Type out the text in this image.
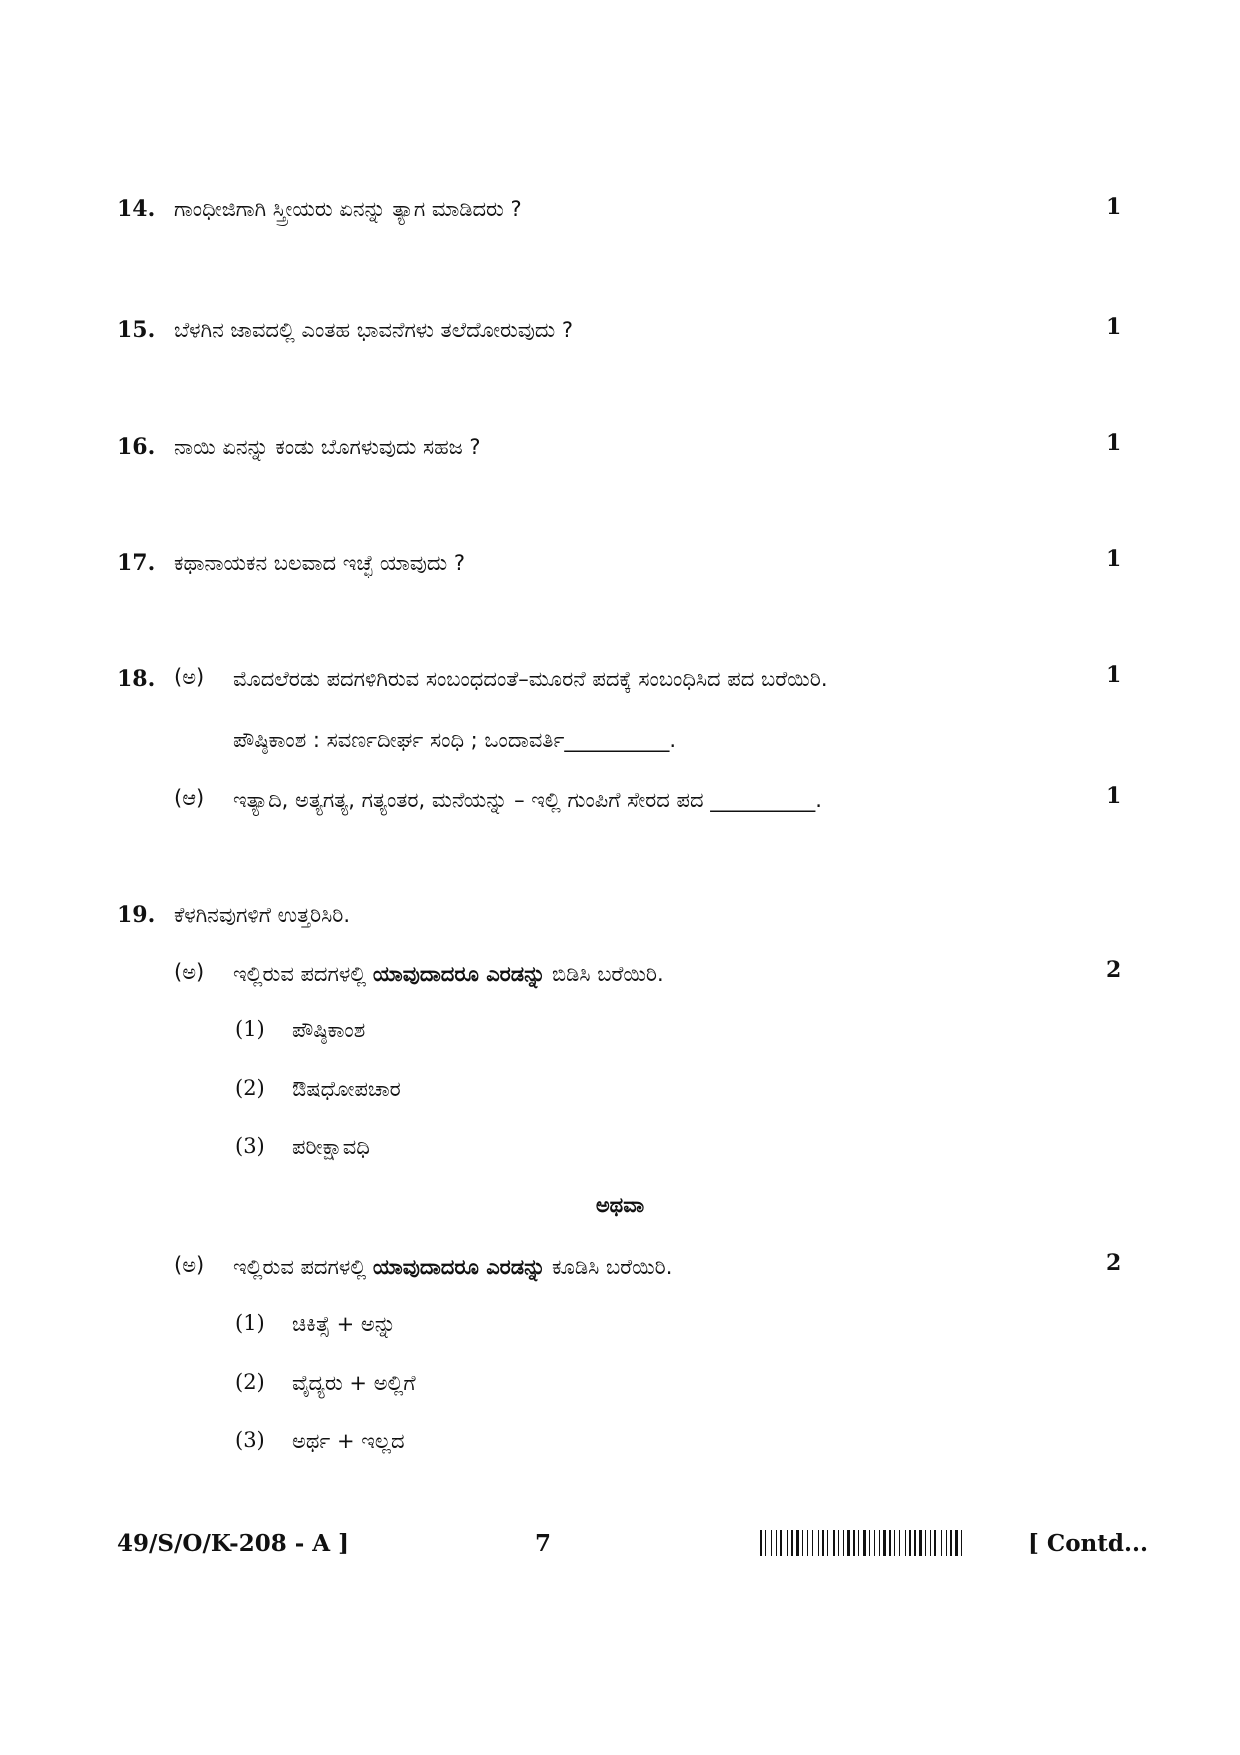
14. ಗಾಂಧೀಜಿಗಾಗಿ ಸ್ತ್ರೀಯರು ಏನನ್ನು ತ್ಯಾಗ ಮಾಡಿದರು ?	1
15. ಬೆಳಗಿನ ಜಾವದಲ್ಲಿ ಎಂತಹ ಭಾವನೆಗಳು ತಲೆದೋರುವುದು ?	1
16. ನಾಯಿ ಏನನ್ನು ಕಂಡು ಬೊಗಳುವುದು ಸಹಜ ?	1
17. ಕಥಾನಾಯಕನ ಬಲವಾದ ಇಚ್ಛೆ ಯಾವುದು ?	1
18. (ಅ) ಮೊದಲೆರಡು ಪದಗಳಿಗಿರುವ ಸಂಬಂಧದಂತೆ–ಮೂರನೆ ಪದಕ್ಕೆ ಸಂಬಂಧಿಸಿದ ಪದ ಬರೆಯಿರಿ.	1
ಪೌಷ್ಠಿಕಾಂಶ : ಸವರ್ಣದೀರ್ಘ ಸಂಧಿ ; ಒಂದಾವರ್ತಿ__________.
(ಆ) ಇತ್ಯಾದಿ, ಅತ್ಯಗತ್ಯ, ಗತ್ಯಂತರ, ಮನೆಯನ್ನು – ಇಲ್ಲಿ ಗುಂಪಿಗೆ ಸೇರದ ಪದ __________.	1
19. ಕೆಳಗಿನವುಗಳಿಗೆ ಉತ್ತರಿಸಿರಿ.
(ಅ) ಇಲ್ಲಿರುವ ಪದಗಳಲ್ಲಿ ಯಾವುದಾದರೂ ಎರಡನ್ನು ಬಿಡಿಸಿ ಬರೆಯಿರಿ.	2
(1) ಪೌಷ್ಠಿಕಾಂಶ
(2) ಔಷಧೋಪಚಾರ
(3) ಪರೀಕ್ಷಾವಧಿ
ಅಥವಾ
(ಅ) ಇಲ್ಲಿರುವ ಪದಗಳಲ್ಲಿ ಯಾವುದಾದರೂ ಎರಡನ್ನು ಕೂಡಿಸಿ ಬರೆಯಿರಿ.	2
(1) ಚಿಕಿತ್ಸೆ + ಅನ್ನು
(2) ವೈದ್ಯರು + ಅಲ್ಲಿಗೆ
(3) ಅರ್ಥ + ಇಲ್ಲದ
49/S/O/K-208 - A ]	7	[ Contd...
